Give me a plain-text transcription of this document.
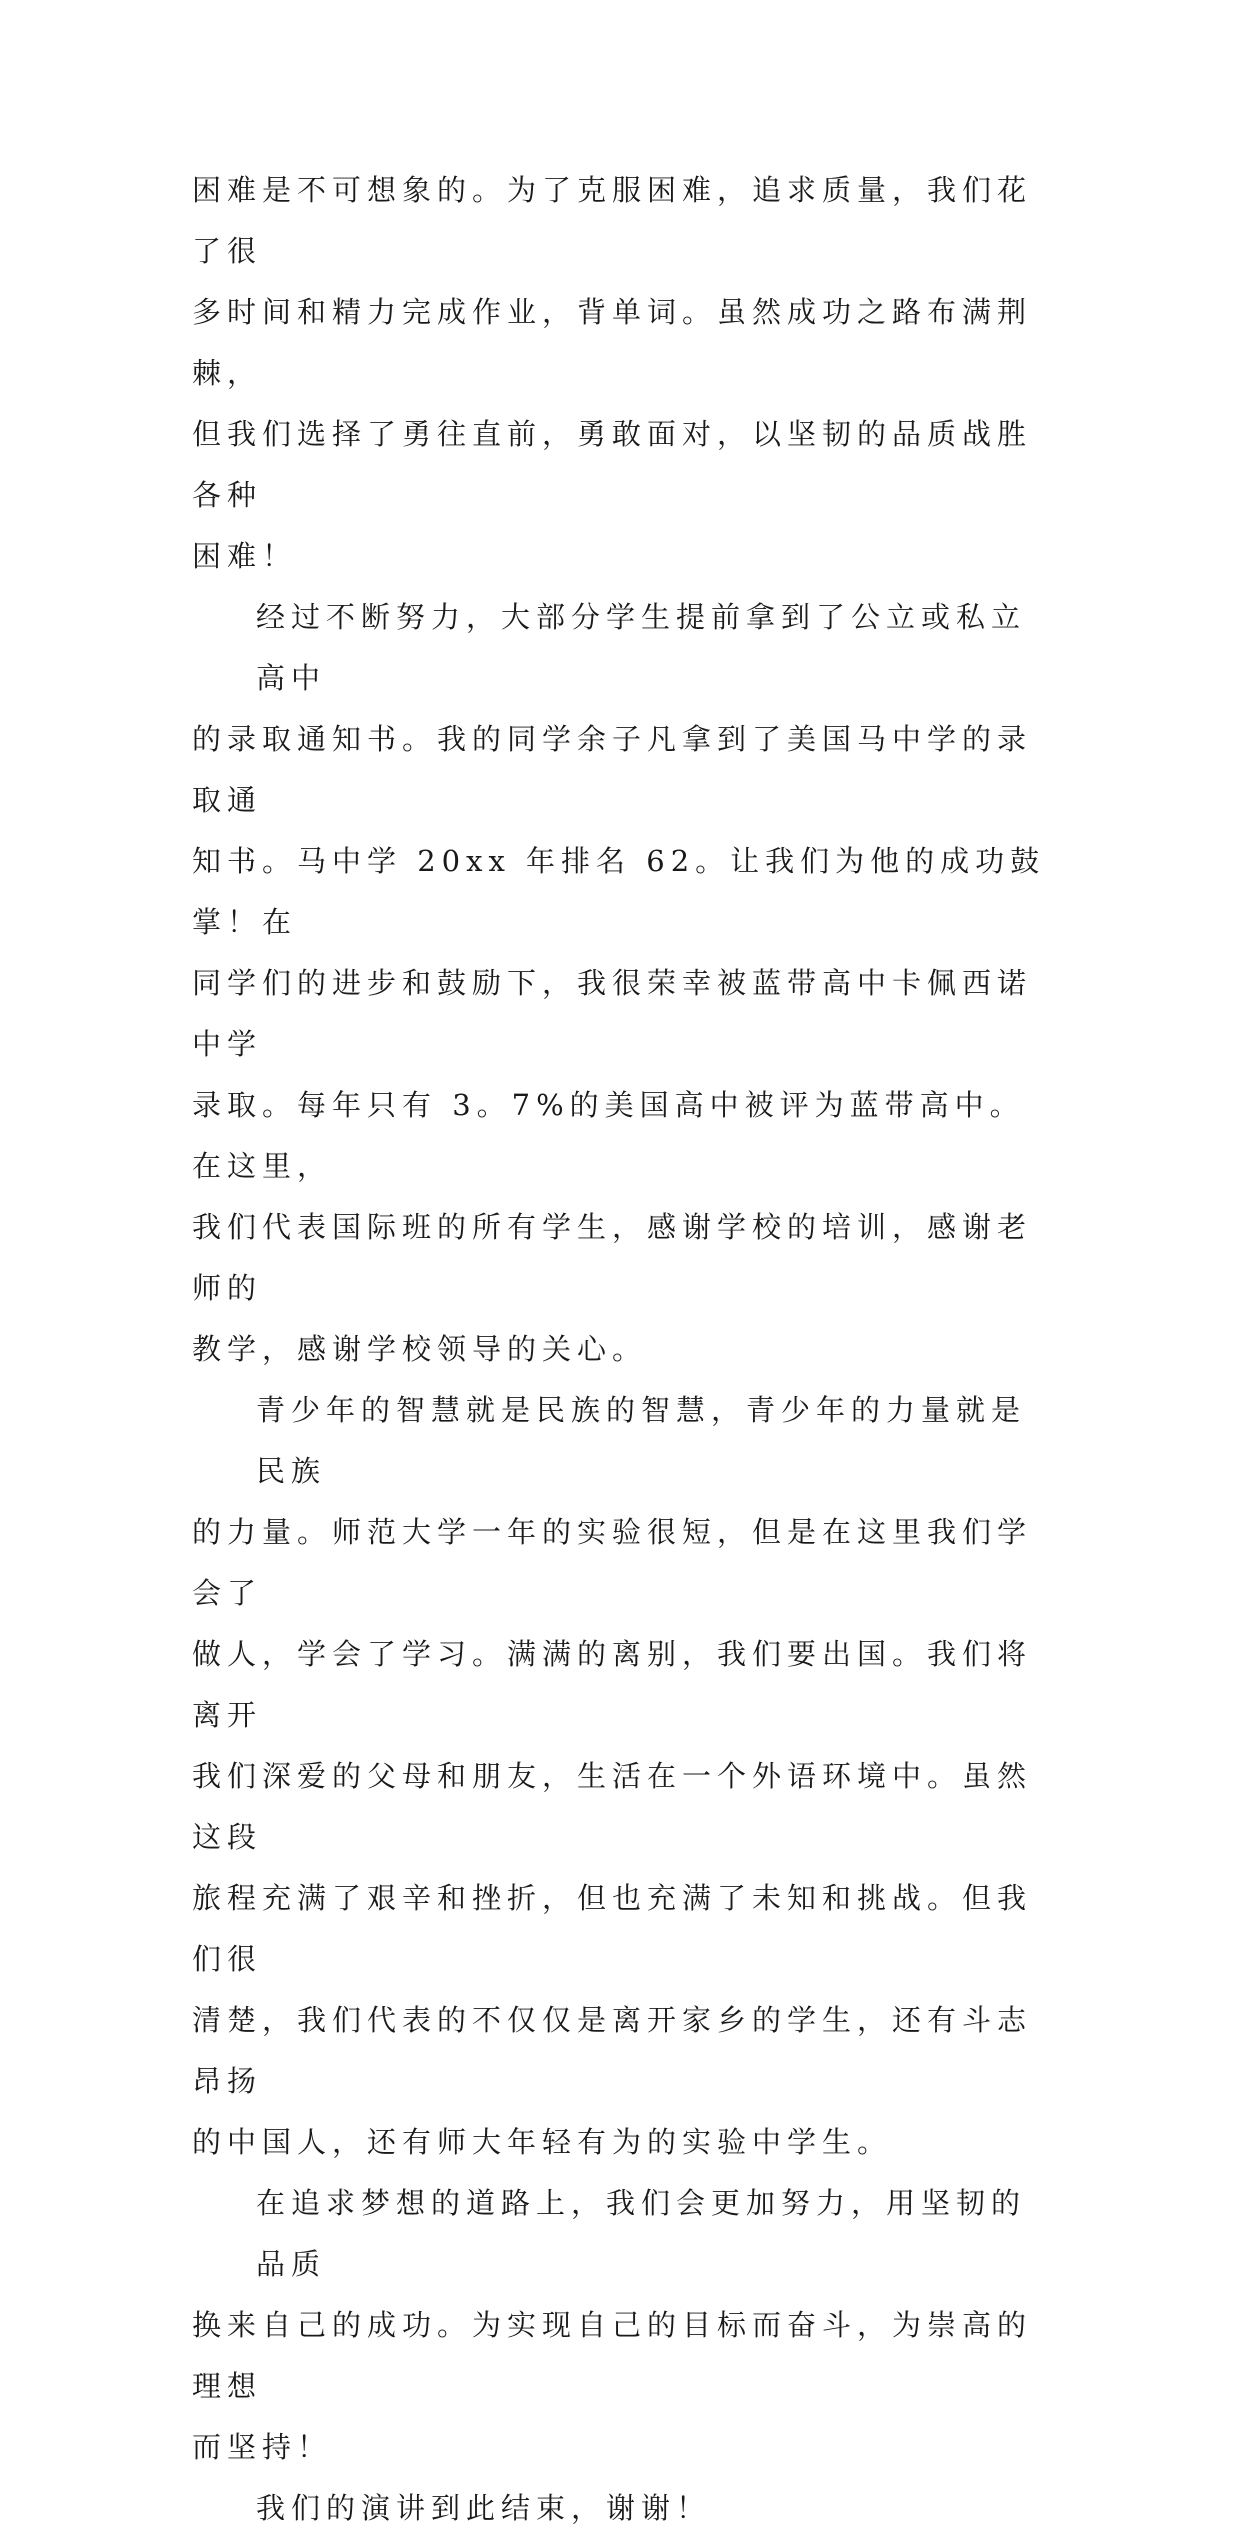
困难是不可想象的。为了克服困难，追求质量，我们花了很
多时间和精力完成作业，背单词。虽然成功之路布满荆棘，
但我们选择了勇往直前，勇敢面对，以坚韧的品质战胜各种
困难！

经过不断努力，大部分学生提前拿到了公立或私立高中
的录取通知书。我的同学余子凡拿到了美国马中学的录取通
知书。马中学 20xx 年排名 62。让我们为他的成功鼓掌！在
同学们的进步和鼓励下，我很荣幸被蓝带高中卡佩西诺中学
录取。每年只有 3。7%的美国高中被评为蓝带高中。在这里，
我们代表国际班的所有学生，感谢学校的培训，感谢老师的
教学，感谢学校领导的关心。

青少年的智慧就是民族的智慧，青少年的力量就是民族
的力量。师范大学一年的实验很短，但是在这里我们学会了
做人，学会了学习。满满的离别，我们要出国。我们将离开
我们深爱的父母和朋友，生活在一个外语环境中。虽然这段
旅程充满了艰辛和挫折，但也充满了未知和挑战。但我们很
清楚，我们代表的不仅仅是离开家乡的学生，还有斗志昂扬
的中国人，还有师大年轻有为的实验中学生。

在追求梦想的道路上，我们会更加努力，用坚韧的品质
换来自己的成功。为实现自己的目标而奋斗，为崇高的理想
而坚持！

我们的演讲到此结束，谢谢！
